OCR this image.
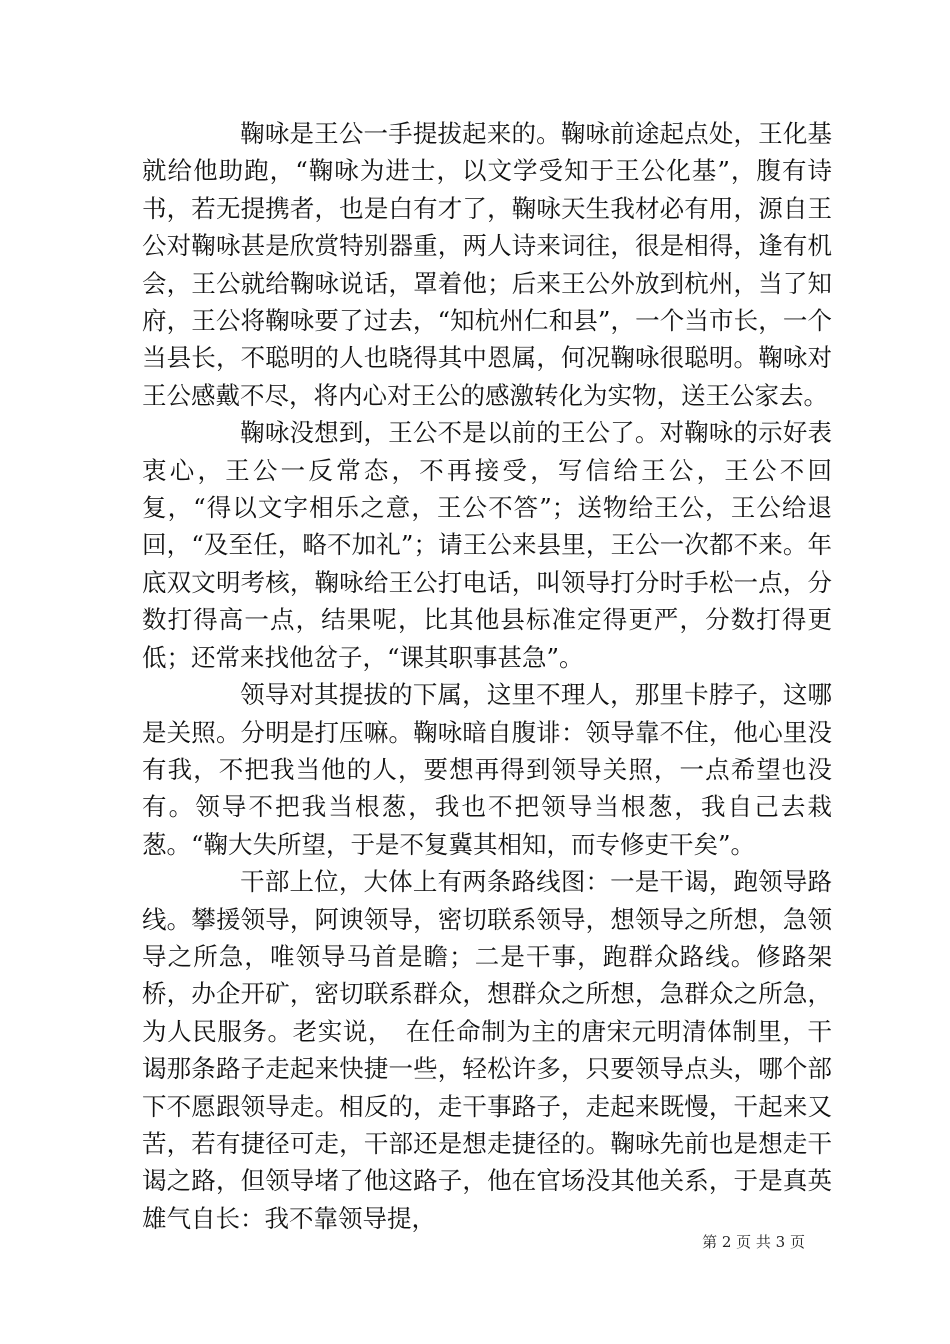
鞠咏是王公一手提拔起来的。鞠咏前途起点处，王化基就给他助跑，“鞠咏为进士，以文学受知于王公化基”，腹有诗书，若无提携者，也是白有才了，鞠咏天生我材必有用，源自王公对鞠咏甚是欣赏特别器重，两人诗来词往，很是相得，逢有机会，王公就给鞠咏说话，罩着他；后来王公外放到杭州，当了知府，王公将鞠咏要了过去，“知杭州仁和县”，一个当市长，一个当县长，不聪明的人也晓得其中恩属，何况鞠咏很聪明。鞠咏对王公感戴不尽，将内心对王公的感激转化为实物，送王公家去。

鞠咏没想到，王公不是以前的王公了。对鞠咏的示好表衷心，王公一反常态，不再接受，写信给王公，王公不回复，“得以文字相乐之意，王公不答”；送物给王公，王公给退回，“及至任，略不加礼”；请王公来县里，王公一次都不来。年底双文明考核，鞠咏给王公打电话，叫领导打分时手松一点，分数打得高一点，结果呢，比其他县标准定得更严，分数打得更低；还常来找他岔子，“课其职事甚急”。

领导对其提拔的下属，这里不理人，那里卡脖子，这哪是关照。分明是打压嘛。鞠咏暗自腹诽：领导靠不住，他心里没有我，不把我当他的人，要想再得到领导关照，一点希望也没有。领导不把我当根葱，我也不把领导当根葱，我自己去栽葱。“鞠大失所望，于是不复冀其相知，而专修吏干矣”。

干部上位，大体上有两条路线图：一是干谒，跑领导路线。攀援领导，阿谀领导，密切联系领导，想领导之所想，急领导之所急，唯领导马首是瞻；二是干事，跑群众路线。修路架桥，办企开矿，密切联系群众，想群众之所想，急群众之所急，为人民服务。老实说，　在任命制为主的唐宋元明清体制里，干谒那条路子走起来快捷一些，轻松许多，只要领导点头，哪个部下不愿跟领导走。相反的，走干事路子，走起来既慢，干起来又苦，若有捷径可走，干部还是想走捷径的。鞠咏先前也是想走干谒之路，但领导堵了他这路子，他在官场没其他关系，于是真英雄气自长：我不靠领导提，

第 2 页 共 3 页
